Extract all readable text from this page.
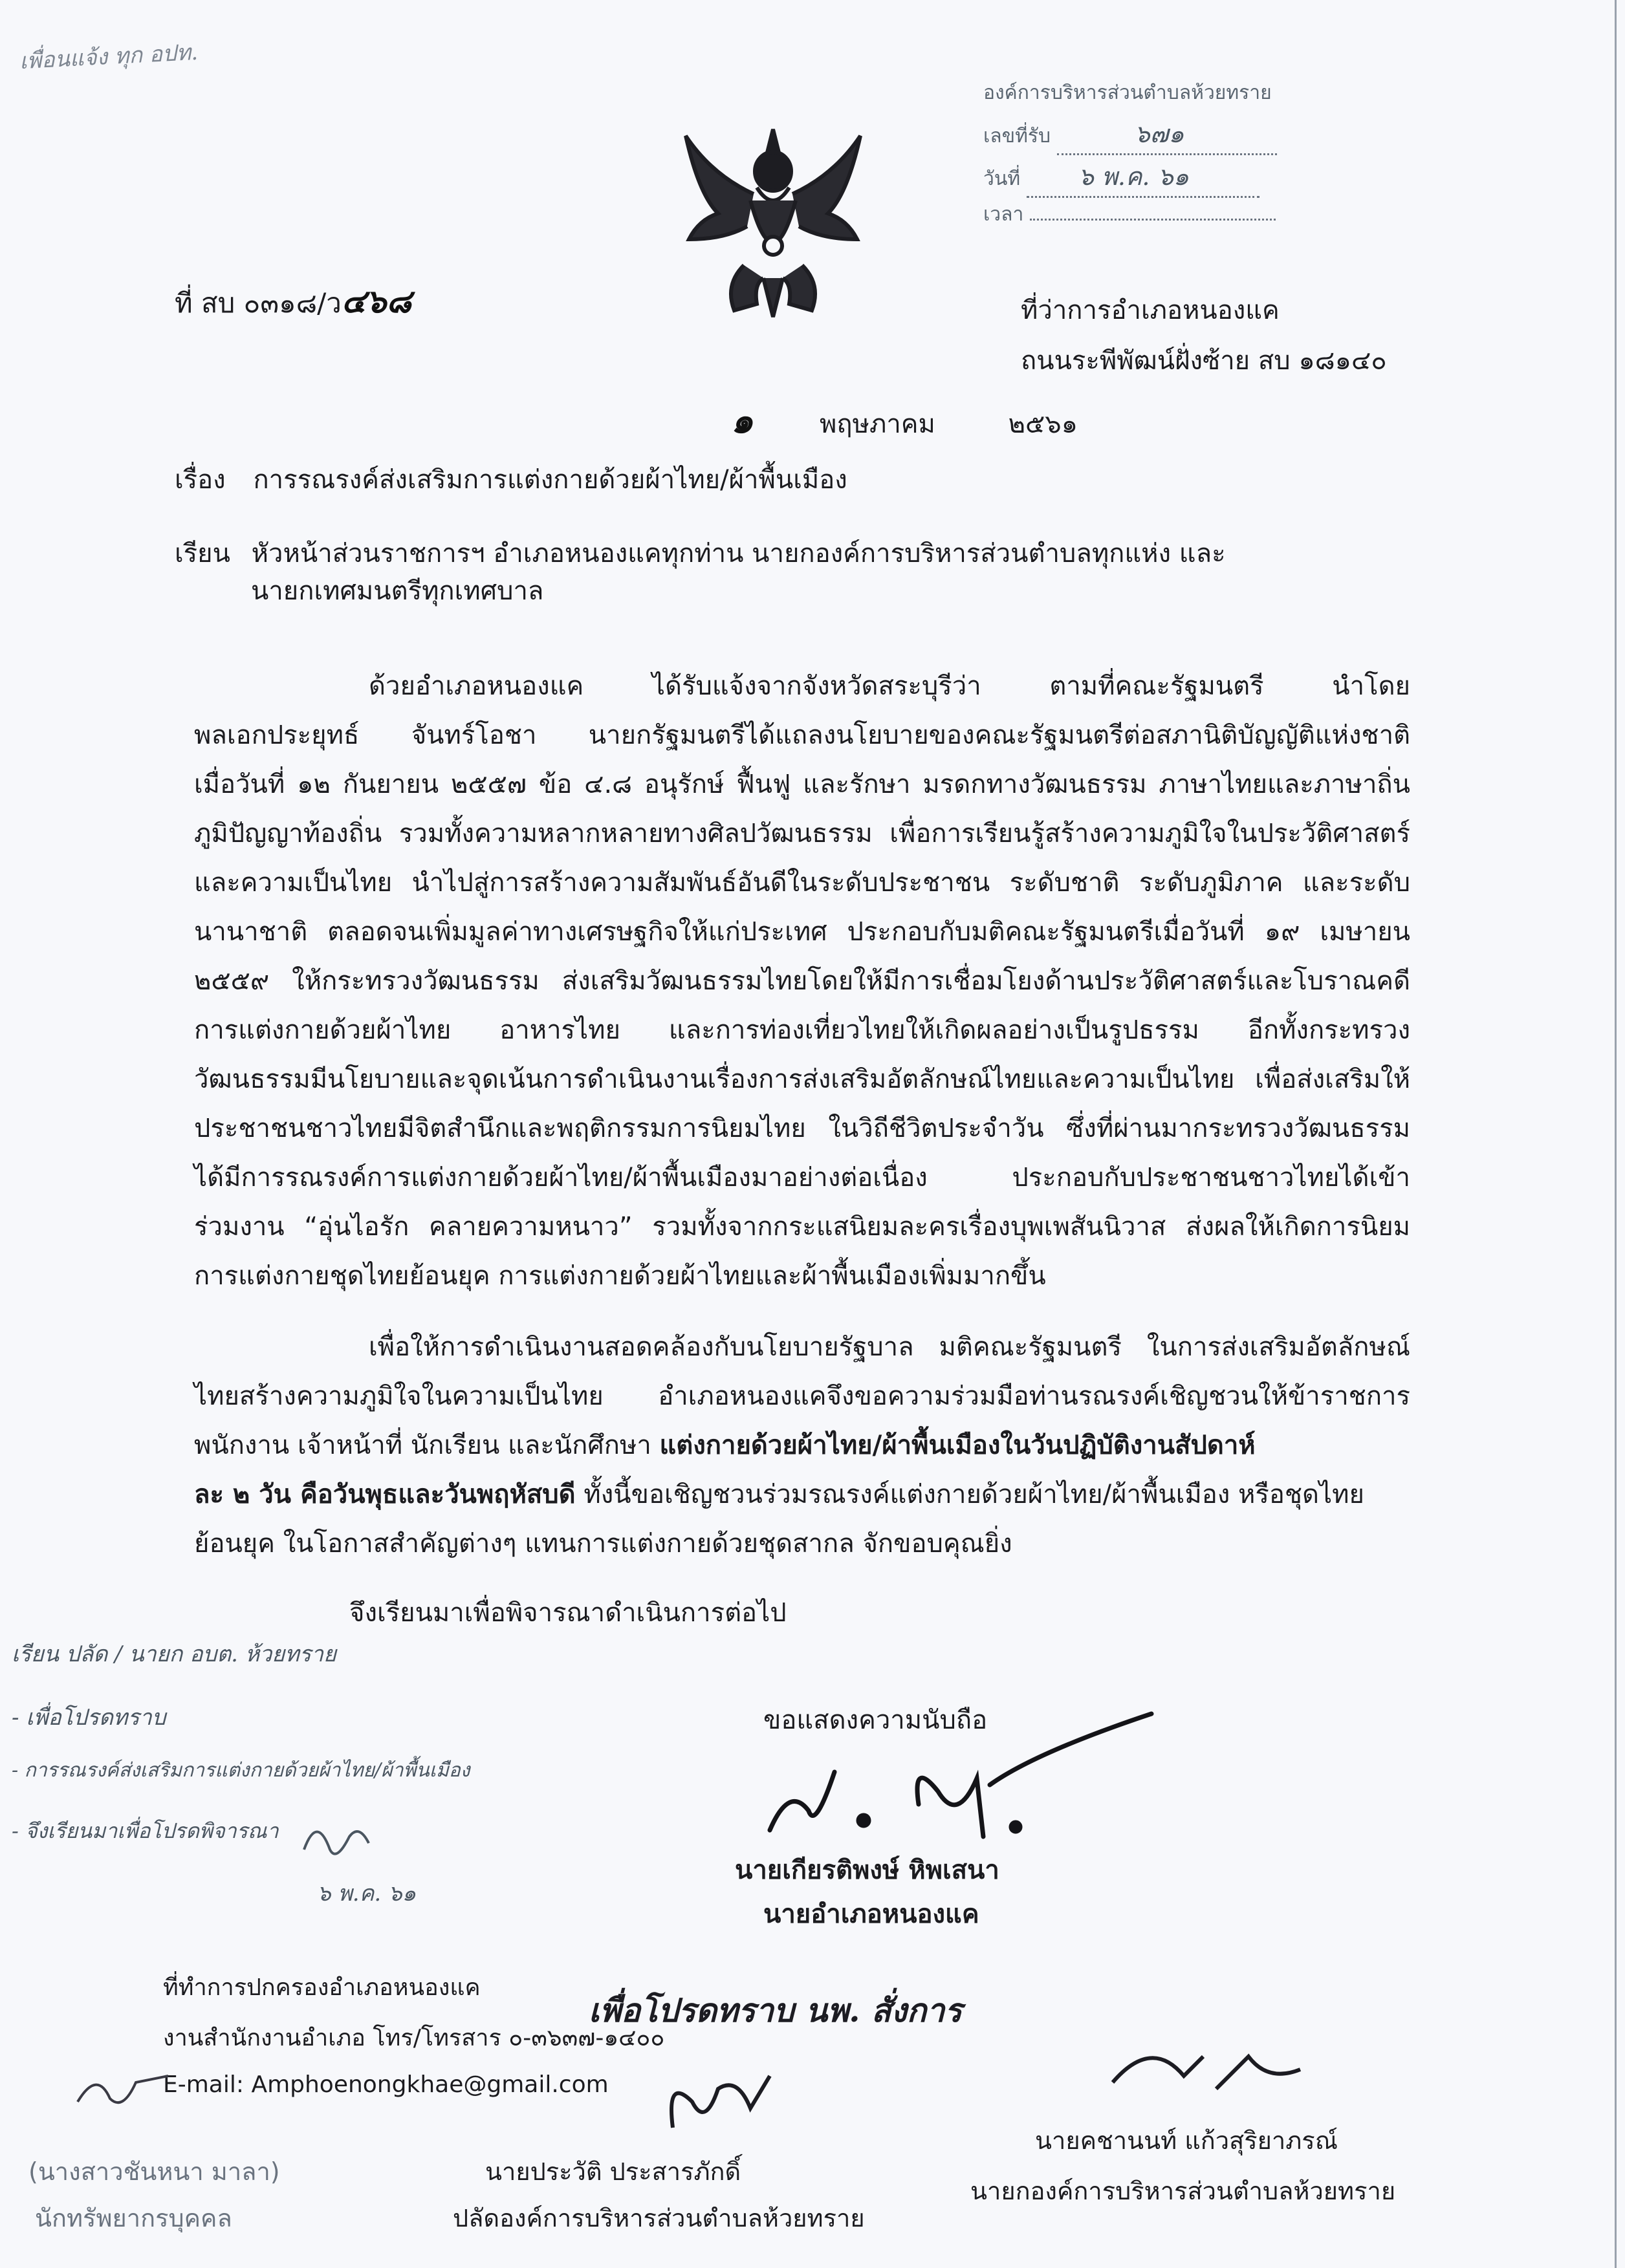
เพื่อนแจ้ง ทุก อปท.
องค์การบริหารส่วนตำบลห้วยทราย
เลขที่รับ	๖๗๑
วันที่ ๖ พ.ค. ๖๑
เวลา
ที่ สบ ๐๓๑๘/ว๔๖๘	ที่ว่าการอำเภอหนองแค
ถนนระพีพัฒน์ฝั่งซ้าย สบ ๑๘๑๔๐
๑	พฤษภาคม	๒๕๖๑
เรื่อง การรณรงค์ส่งเสริมการแต่งกายด้วยผ้าไทย/ผ้าพื้นเมือง
เรียน หัวหน้าส่วนราชการฯ อำเภอหนองแคทุกท่าน นายกองค์การบริหารส่วนตำบลทุกแห่ง และ
นายกเทศมนตรีทุกเทศบาล
ด้วยอำเภอหนองแค ได้รับแจ้งจากจังหวัดสระบุรีว่า ตามที่คณะรัฐมนตรี นำโดย
พลเอกประยุทธ์ จันทร์โอชา นายกรัฐมนตรีได้แถลงนโยบายของคณะรัฐมนตรีต่อสภานิติบัญญัติแห่งชาติ
เมื่อวันที่ ๑๒ กันยายน ๒๕๕๗ ข้อ ๔.๘ อนุรักษ์ ฟื้นฟู และรักษา มรดกทางวัฒนธรรม ภาษาไทยและภาษาถิ่น
ภูมิปัญญาท้องถิ่น รวมทั้งความหลากหลายทางศิลปวัฒนธรรม เพื่อการเรียนรู้สร้างความภูมิใจในประวัติศาสตร์
และความเป็นไทย นำไปสู่การสร้างความสัมพันธ์อันดีในระดับประชาชน ระดับชาติ ระดับภูมิภาค และระดับ
นานาชาติ ตลอดจนเพิ่มมูลค่าทางเศรษฐกิจให้แก่ประเทศ ประกอบกับมติคณะรัฐมนตรีเมื่อวันที่ ๑๙ เมษายน
๒๕๕๙ ให้กระทรวงวัฒนธรรม ส่งเสริมวัฒนธรรมไทยโดยให้มีการเชื่อมโยงด้านประวัติศาสตร์และโบราณคดี
การแต่งกายด้วยผ้าไทย อาหารไทย และการท่องเที่ยวไทยให้เกิดผลอย่างเป็นรูปธรรม อีกทั้งกระทรวง
วัฒนธรรมมีนโยบายและจุดเน้นการดำเนินงานเรื่องการส่งเสริมอัตลักษณ์ไทยและความเป็นไทย เพื่อส่งเสริมให้
ประชาชนชาวไทยมีจิตสำนึกและพฤติกรรมการนิยมไทย ในวิถีชีวิตประจำวัน ซึ่งที่ผ่านมากระทรวงวัฒนธรรม
ได้มีการรณรงค์การแต่งกายด้วยผ้าไทย/ผ้าพื้นเมืองมาอย่างต่อเนื่อง ประกอบกับประชาชนชาวไทยได้เข้า
ร่วมงาน “อุ่นไอรัก คลายความหนาว” รวมทั้งจากกระแสนิยมละครเรื่องบุพเพสันนิวาส ส่งผลให้เกิดการนิยม
การแต่งกายชุดไทยย้อนยุค การแต่งกายด้วยผ้าไทยและผ้าพื้นเมืองเพิ่มมากขึ้น
เพื่อให้การดำเนินงานสอดคล้องกับนโยบายรัฐบาล มติคณะรัฐมนตรี ในการส่งเสริมอัตลักษณ์
ไทยสร้างความภูมิใจในความเป็นไทย อำเภอหนองแคจึงขอความร่วมมือท่านรณรงค์เชิญชวนให้ข้าราชการ
พนักงาน เจ้าหน้าที่ นักเรียน และนักศึกษา แต่งกายด้วยผ้าไทย/ผ้าพื้นเมืองในวันปฏิบัติงานสัปดาห์
ละ ๒ วัน คือวันพุธและวันพฤหัสบดี ทั้งนี้ขอเชิญชวนร่วมรณรงค์แต่งกายด้วยผ้าไทย/ผ้าพื้นเมือง หรือชุดไทย
ย้อนยุค ในโอกาสสำคัญต่างๆ แทนการแต่งกายด้วยชุดสากล จักขอบคุณยิ่ง
จึงเรียนมาเพื่อพิจารณาดำเนินการต่อไป
เรียน ปลัด / นายก อบต. ห้วยทราย
- เพื่อโปรดทราบ
- การรณรงค์ส่งเสริมการแต่งกายด้วยผ้าไทย/ผ้าพื้นเมือง
- จึงเรียนมาเพื่อโปรดพิจารณา
๖ พ.ค. ๖๑
ขอแสดงความนับถือ
นายเกียรติพงษ์ หิพเสนา
นายอำเภอหนองแค
ที่ทำการปกครองอำเภอหนองแค
งานสำนักงานอำเภอ โทร/โทรสาร ๐-๓๖๓๗-๑๔๐๐
E-mail: Amphoenongkhae@gmail.com
เพื่อโปรดทราบ นพ. สั่งการ
(นางสาวชันหนา มาลา)
นักทรัพยากรบุคคล
นายประวัติ ประสารภักดิ์
ปลัดองค์การบริหารส่วนตำบลห้วยทราย
นายคชานนท์ แก้วสุริยาภรณ์
นายกองค์การบริหารส่วนตำบลห้วยทราย
